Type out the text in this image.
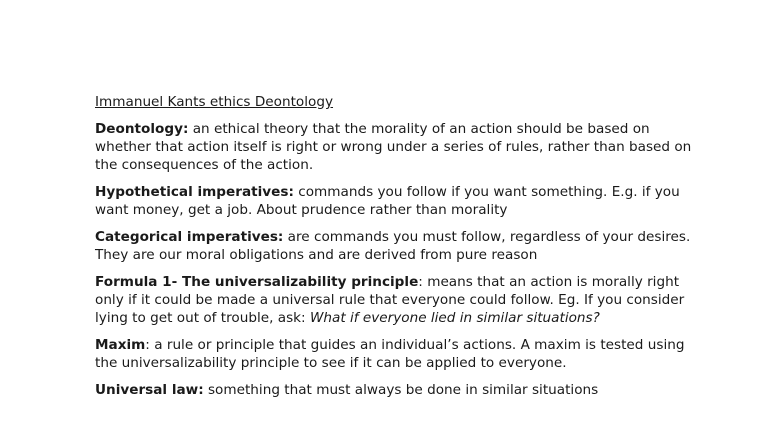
Immanuel Kants ethics Deontology

Deontology: an ethical theory that the morality of an action should be based on whether that action itself is right or wrong under a series of rules, rather than based on the consequences of the action.

Hypothetical imperatives: commands you follow if you want something. E.g. if you want money, get a job. About prudence rather than morality

Categorical imperatives: are commands you must follow, regardless of your desires. They are our moral obligations and are derived from pure reason

Formula 1- The universalizability principle: means that an action is morally right only if it could be made a universal rule that everyone could follow. Eg. If you consider lying to get out of trouble, ask: What if everyone lied in similar situations?

Maxim: a rule or principle that guides an individual’s actions. A maxim is tested using the universalizability principle to see if it can be applied to everyone.

Universal law: something that must always be done in similar situations
